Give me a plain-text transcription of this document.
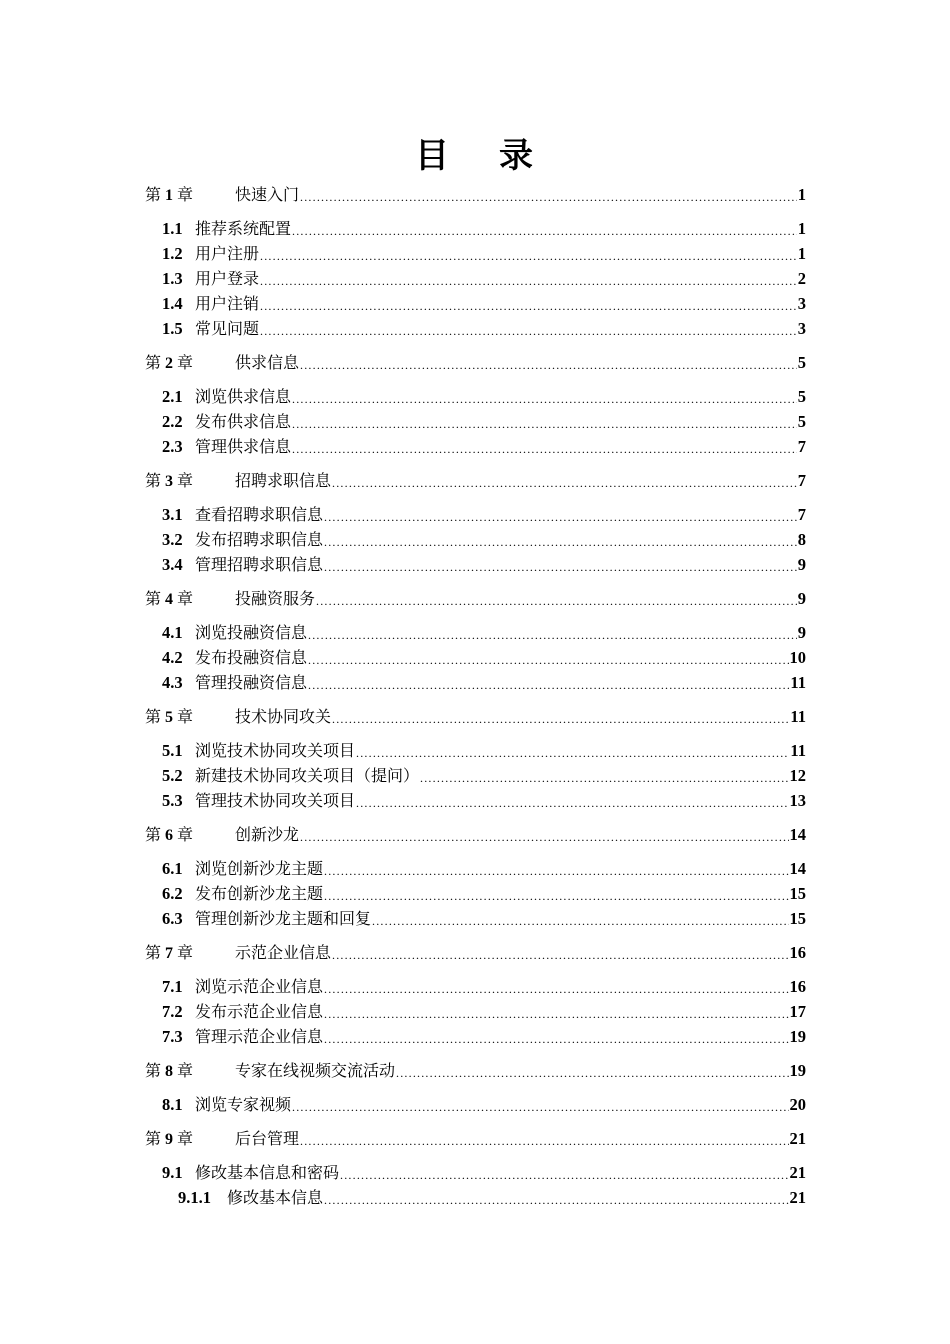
目 录
第 1 章	快速入门 .....	1
1.1 推荐系统配置 .....	1
1.2 用户注册 .....	1
1.3 用户登录 .....	2
1.4 用户注销 .....	3
1.5 常见问题 .....	3
第 2 章	供求信息 .....	5
2.1 浏览供求信息 .....	5
2.2 发布供求信息 .....	5
2.3 管理供求信息 .....	7
第 3 章	招聘求职信息 .....	7
3.1 查看招聘求职信息 .....	7
3.2 发布招聘求职信息 .....	8
3.4 管理招聘求职信息 .....	9
第 4 章	投融资服务 .....	9
4.1 浏览投融资信息 .....	9
4.2 发布投融资信息 .....	10
4.3 管理投融资信息 .....	11
第 5 章	技术协同攻关 .....	11
5.1 浏览技术协同攻关项目 .....	11
5.2 新建技术协同攻关项目（提问） .....	12
5.3 管理技术协同攻关项目 .....	13
第 6 章	创新沙龙 .....	14
6.1 浏览创新沙龙主题 .....	14
6.2 发布创新沙龙主题 .....	15
6.3 管理创新沙龙主题和回复 .....	15
第 7 章	示范企业信息 .....	16
7.1 浏览示范企业信息 .....	16
7.2 发布示范企业信息 .....	17
7.3 管理示范企业信息 .....	19
第 8 章	专家在线视频交流活动 .....	19
8.1 浏览专家视频 .....	20
第 9 章	后台管理 .....	21
9.1 修改基本信息和密码 .....	21
9.1.1	修改基本信息 .....	21
